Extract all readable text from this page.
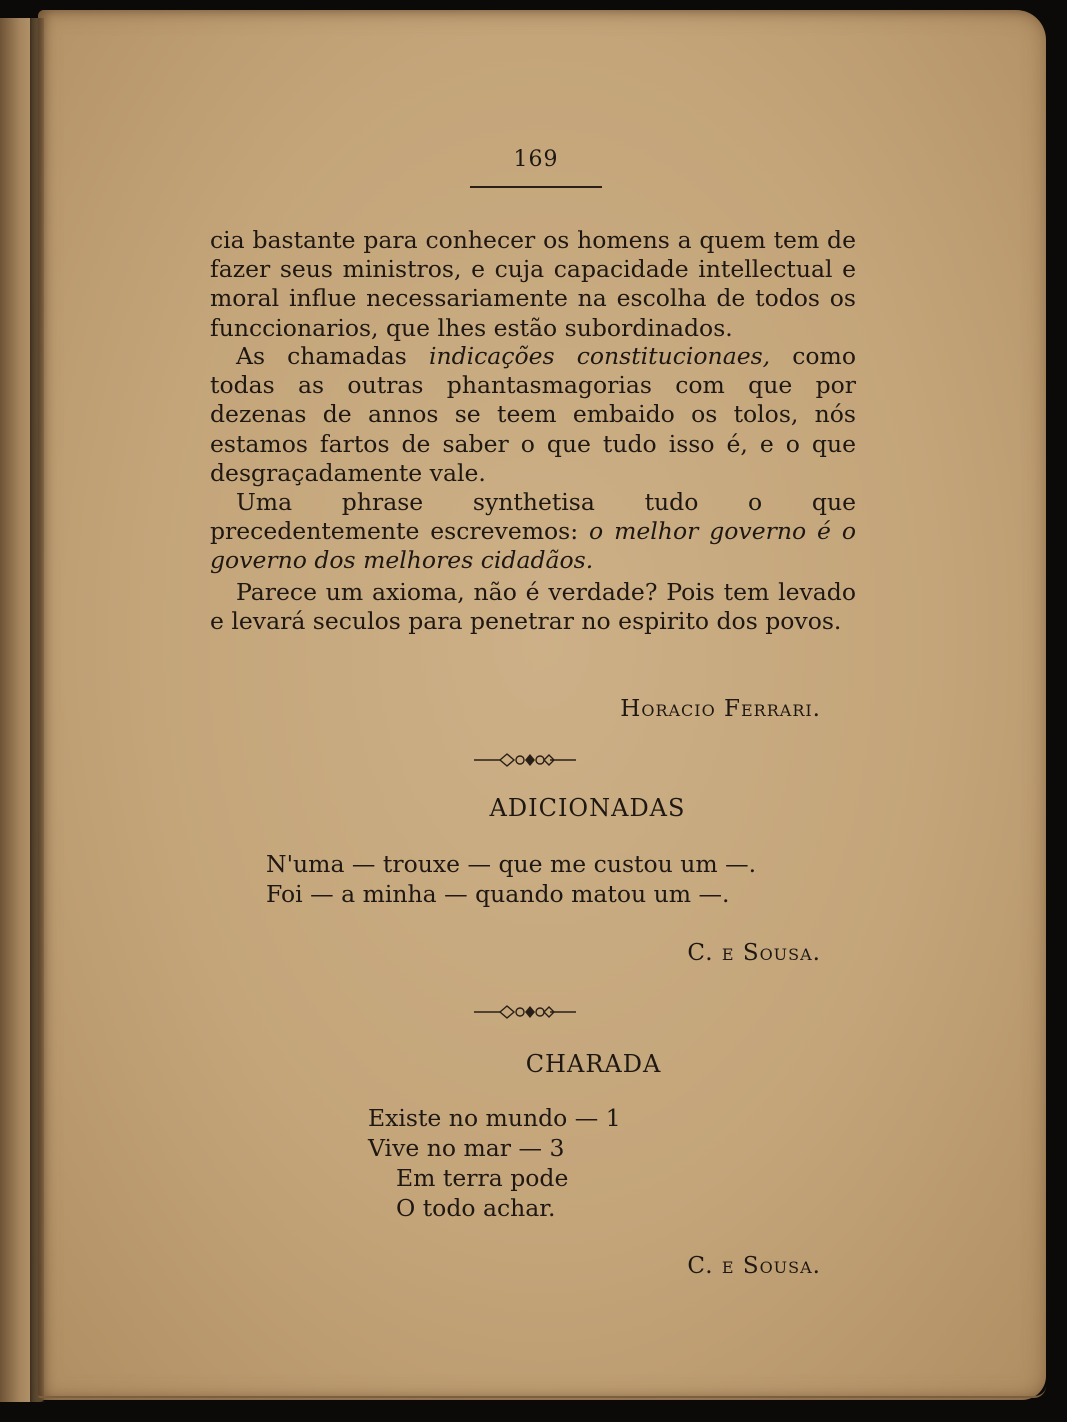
169

cia bastante para conhecer os homens a quem tem de fazer seus ministros, e cuja capacidade intellectual e moral influe necessariamente na escolha de todos os funccionarios, que lhes estão subordinados.

As chamadas indicações constitucionaes, como todas as outras phantasmagorias com que por dezenas de annos se teem embaido os tolos, nós estamos fartos de saber o que tudo isso é, e o que desgraçadamente vale.

Uma phrase synthetisa tudo o que precedentemente escrevemos: o melhor governo é o governo dos melhores cidadãos.

Parece um axioma, não é verdade? Pois tem levado e levará seculos para penetrar no espirito dos povos.

Horacio Ferrari.
ADICIONADAS
N'uma — trouxe — que me custou um —.
Foi — a minha — quando matou um —.
C. e Sousa.
CHARADA
Existe no mundo — 1
Vive no mar — 3
Em terra pode
O todo achar.
C. e Sousa.
